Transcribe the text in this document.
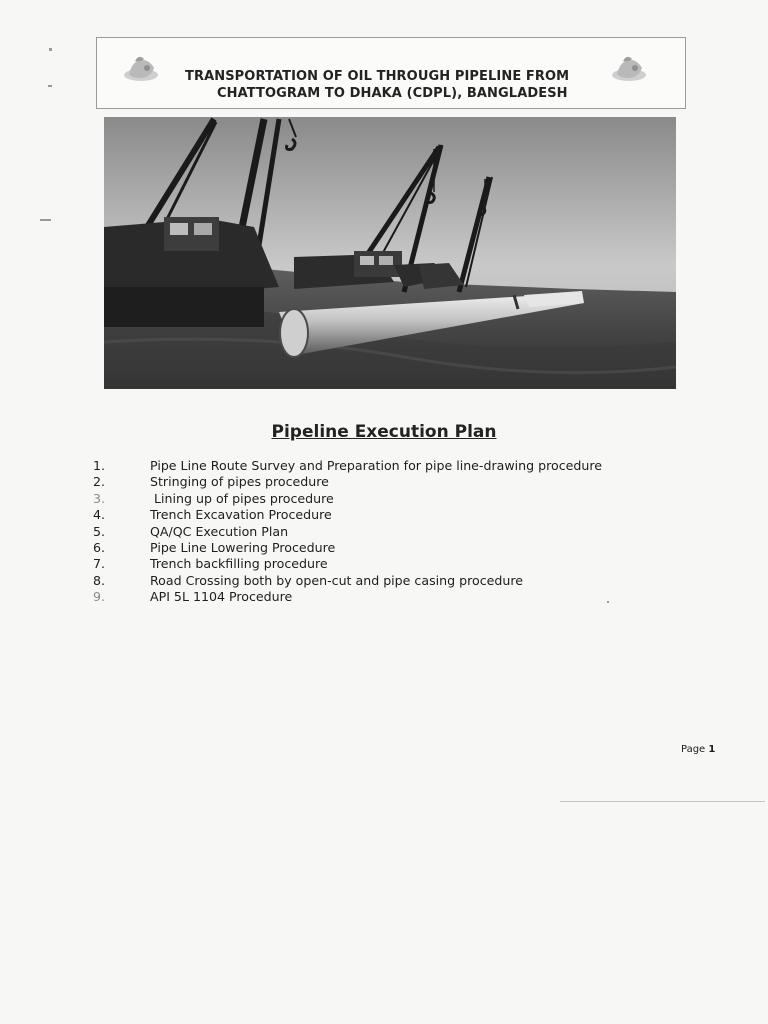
TRANSPORTATION OF OIL THROUGH PIPELINE FROM
CHATTOGRAM TO DHAKA (CDPL), BANGLADESH
Pipeline Execution Plan
1.	Pipe Line Route Survey and Preparation for pipe line-drawing procedure
2.	Stringing of pipes procedure
3.	Lining up of pipes procedure
4.	Trench Excavation Procedure
5.	QA/QC Execution Plan
6.	Pipe Line Lowering Procedure
7.	Trench backfilling procedure
8.	Road Crossing both by open-cut and pipe casing procedure
9.	API 5L 1104 Procedure
Page 1
